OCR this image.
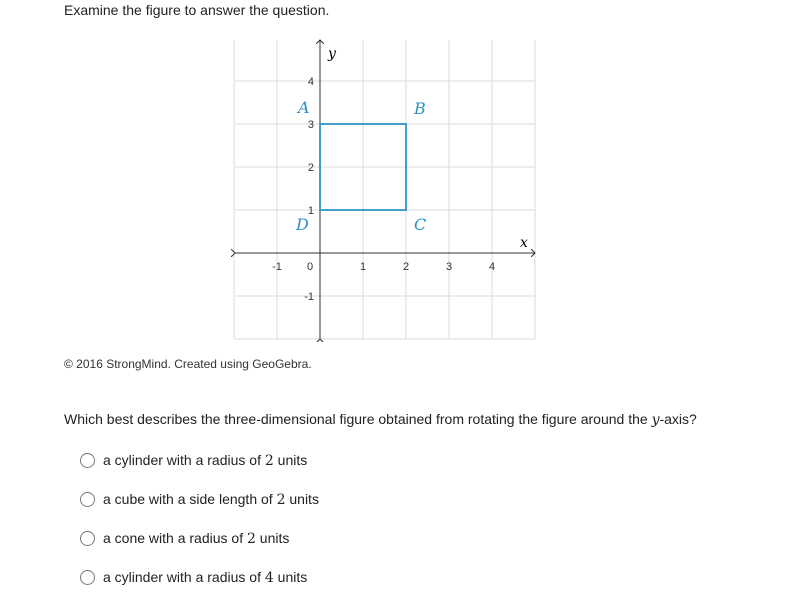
Examine the figure to answer the question.
x
y
-1 0	1	2	3	4
4
3
2
1
-1
A	B
C
D
© 2016 StrongMind. Created using GeoGebra.
Which best describes the three-dimensional figure obtained from rotating the figure around the y-axis?
a cylinder with a radius of 2 units
a cube with a side length of 2 units
a cone with a radius of 2 units
a cylinder with a radius of 4 units
